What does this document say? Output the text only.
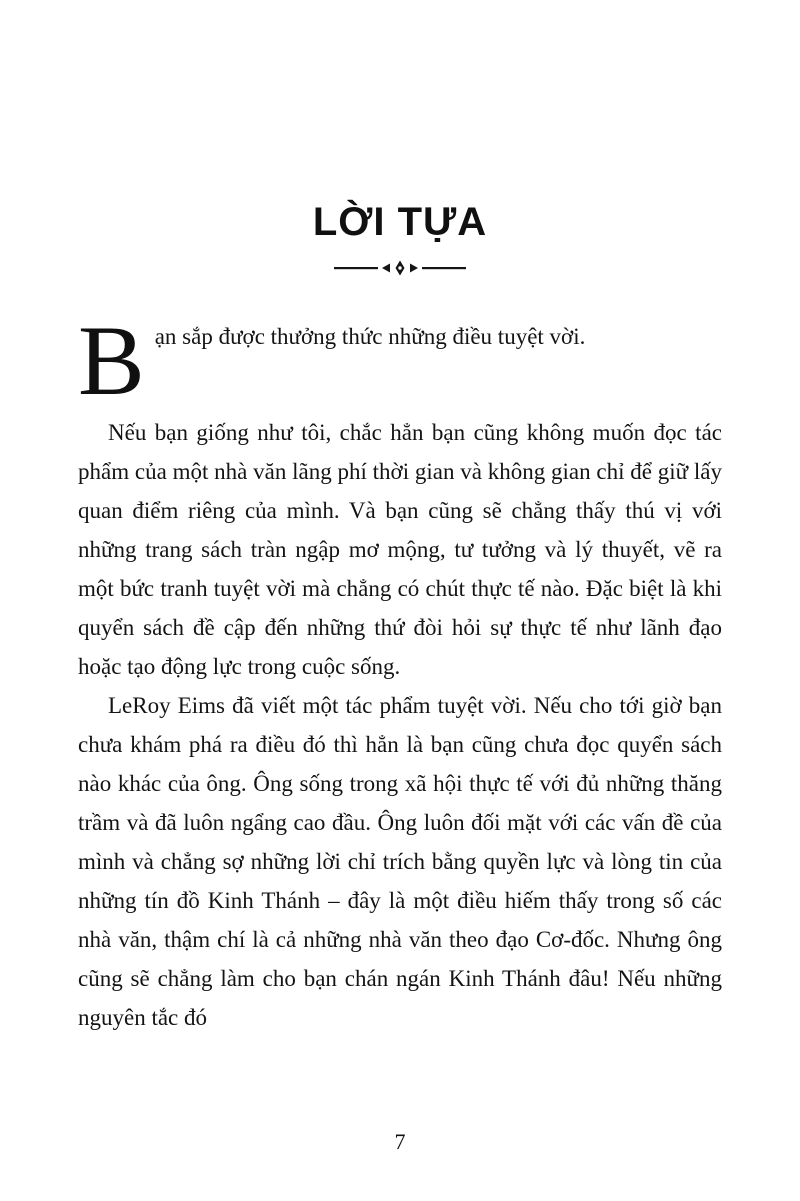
LỜI TỰA

Bạn sắp được thưởng thức những điều tuyệt vời.

Nếu bạn giống như tôi, chắc hẳn bạn cũng không muốn đọc tác phẩm của một nhà văn lãng phí thời gian và không gian chỉ để giữ lấy quan điểm riêng của mình. Và bạn cũng sẽ chẳng thấy thú vị với những trang sách tràn ngập mơ mộng, tư tưởng và lý thuyết, vẽ ra một bức tranh tuyệt vời mà chẳng có chút thực tế nào. Đặc biệt là khi quyển sách đề cập đến những thứ đòi hỏi sự thực tế như lãnh đạo hoặc tạo động lực trong cuộc sống.

LeRoy Eims đã viết một tác phẩm tuyệt vời. Nếu cho tới giờ bạn chưa khám phá ra điều đó thì hẳn là bạn cũng chưa đọc quyển sách nào khác của ông. Ông sống trong xã hội thực tế với đủ những thăng trầm và đã luôn ngẩng cao đầu. Ông luôn đối mặt với các vấn đề của mình và chẳng sợ những lời chỉ trích bằng quyền lực và lòng tin của những tín đồ Kinh Thánh – đây là một điều hiếm thấy trong số các nhà văn, thậm chí là cả những nhà văn theo đạo Cơ-đốc. Nhưng ông cũng sẽ chẳng làm cho bạn chán ngán Kinh Thánh đâu! Nếu những nguyên tắc đó

7
